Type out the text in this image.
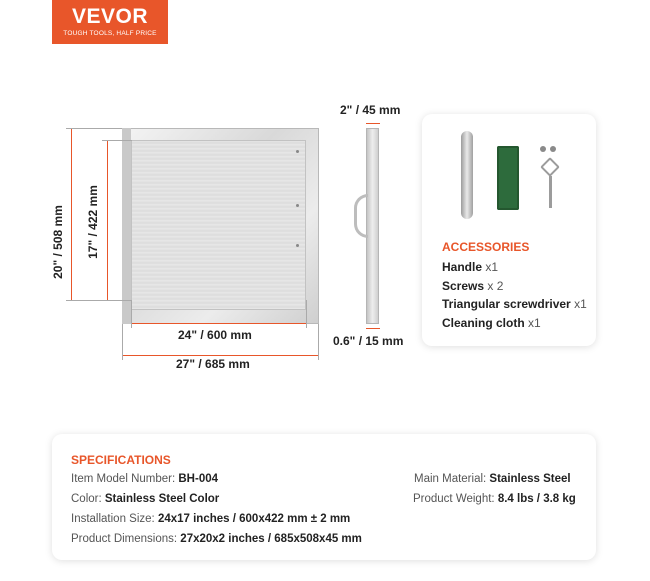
VEVOR
TOUGH TOOLS, HALF PRICE
20" / 508 mm 17" / 422 mm
24" / 600 mm
27" / 685 mm
2" / 45 mm
0.6" / 15 mm
ACCESSORIES
Handle x1
Screws x 2
Triangular screwdriver x1
Cleaning cloth x1
SPECIFICATIONS
Item Model Number: BH-004
Color: Stainless Steel Color
Installation Size: 24x17 inches / 600x422 mm ± 2 mm
Product Dimensions: 27x20x2 inches / 685x508x45 mm
Main Material: Stainless Steel
Product Weight: 8.4 lbs / 3.8 kg
